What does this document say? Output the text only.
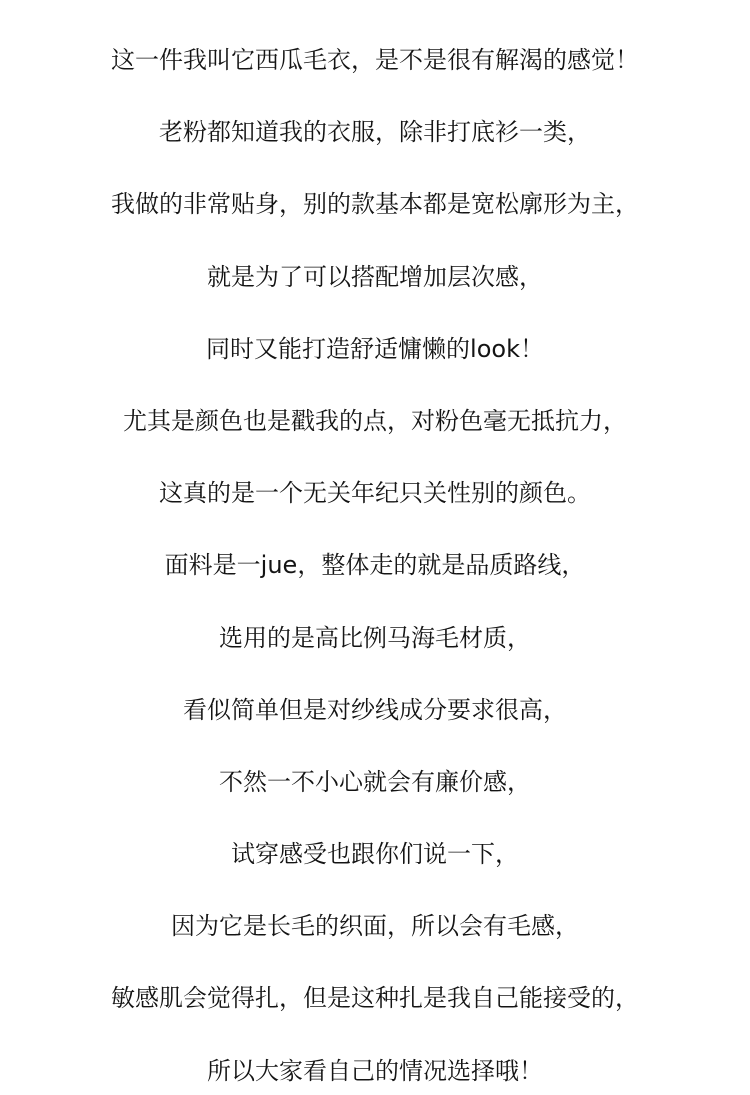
这一件我叫它西瓜毛衣，是不是很有解渴的感觉！

老粉都知道我的衣服，除非打底衫一类，

我做的非常贴身，别的款基本都是宽松廓形为主，

就是为了可以搭配增加层次感，

同时又能打造舒适慵懒的look！

尤其是颜色也是戳我的点，对粉色毫无抵抗力，

这真的是一个无关年纪只关性别的颜色。

面料是一jue，整体走的就是品质路线，

选用的是高比例马海毛材质，

看似简单但是对纱线成分要求很高，

不然一不小心就会有廉价感，

试穿感受也跟你们说一下，

因为它是长毛的织面，所以会有毛感，

敏感肌会觉得扎，但是这种扎是我自己能接受的，

所以大家看自己的情况选择哦！
